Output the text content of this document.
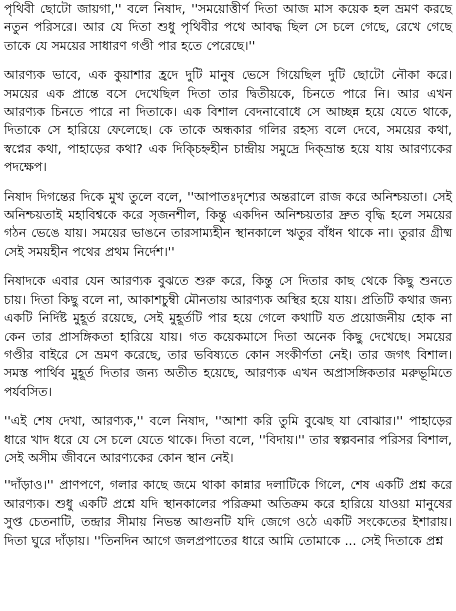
পৃথিবী ছোটো জায়গা,'' বলে নিষাদ, ''সময়োত্তীর্ণ দিতা আজ মাস কয়েক হল ভ্রমণ করছে নতুন পরিসরে। আর যে দিতা শুধু পৃথিবীর পথে আবদ্ধ ছিল সে চলে গেছে, রেখে গেছে তাকে যে সময়ের সাধারণ গণ্ডী পার হতে পেরেছে।''

আরণ্যক ভাবে, এক কুয়াশার হ্রদে দুটি মানুষ ভেসে গিয়েছিল দুটি ছোটো নৌকা করে। সময়ের এক প্রান্তে বসে দেখেছিল দিতা তার দ্বিতীয়কে, চিনতে পারে নি। আর এখন আরণ্যক চিনতে পারে না দিতাকে। এক বিশাল বেদনাবোধে সে আচ্ছন্ন হয়ে যেতে থাকে, দিতাকে সে হারিয়ে ফেলেছে। কে তাকে অন্ধকার গলির রহস্য বলে দেবে, সময়ের কথা, স্বপ্নের কথা, পাহাড়ের কথা? এক দিক্চিহ্নহীন চান্দ্রীয় সমুদ্রে দিক্ভ্রান্ত হয়ে যায় আরণ্যকের পদক্ষেপ।

নিষাদ দিগন্তের দিকে মুখ তুলে বলে, ''আপাতঃদৃশ্যের অন্তরালে রাজ করে অনিশ্চয়তা। সেই অনিশ্চয়তাই মহাবিশ্বকে করে সৃজনশীল, কিন্তু একদিন অনিশ্চয়তার দ্রুত বৃদ্ধি হলে সময়ের গঠন ভেঙে যায়। সময়ের ভাঙনে তারসাম্যহীন স্থানকালে ঋতুর বাঁধন থাকে না। তুরার গ্রীষ্ম সেই সময়হীন পথের প্রথম নির্দেশ।''

নিষাদকে এবার যেন আরণ্যক বুঝতে শুরু করে, কিন্তু সে দিতার কাছ থেকে কিছু শুনতে চায়। দিতা কিছু বলে না, আকাশচুম্বী মৌনতায় আরণ্যক অস্থির হয়ে যায়। প্রতিটি কথার জন্য একটি নির্দিষ্ট মুহূর্ত রয়েছে, সেই মুহূর্তটি পার হয়ে গেলে কথাটি যত প্রয়োজনীয় হোক না কেন তার প্রাসঙ্গিকতা হারিয়ে যায়। গত কয়েকমাসে দিতা অনেক কিছু দেখেছে। সময়ের গণ্ডীর বাইরে সে ভ্রমণ করেছে, তার ভবিষ্যতে কোন সংকীর্ণতা নেই। তার জগৎ বিশাল। সমস্ত পার্থিব মুহূর্ত দিতার জন্য অতীত হয়েছে, আরণ্যক এখন অপ্রাসঙ্গিকতার মরুভূমিতে পর্যবসিত।

''এই শেষ দেখা, আরণ্যক,'' বলে নিষাদ, ''আশা করি তুমি বুঝেছ যা বোঝার।'' পাহাড়ের ধারে খাদ ধরে যে সে চলে যেতে থাকে। দিতা বলে, ''বিদায়।'' তার স্বল্পবনার পরিসর বিশাল, সেই অসীম জীবনে আরণ্যকের কোন স্থান নেই।

''দাঁড়াও।'' প্রাণপণে, গলার কাছে জমে থাকা কান্নার দলাটিকে গিলে, শেষ একটি প্রশ্ন করে আরণ্যক। শুধু একটি প্রশ্নে যদি স্থানকালের পরিক্রমা অতিক্রম করে হারিয়ে যাওয়া মানুষের সুপ্ত চেতনাটি, তন্দ্রার সীমায় নিভন্ত আগুনটি যদি জেগে ওঠে একটি সংকেতের ইশারায়। দিতা ঘুরে দাঁড়ায়। ''তিনদিন আগে জলপ্রপাতের ধারে আমি তোমাকে ... সেই দিতাকে প্রশ্ন
